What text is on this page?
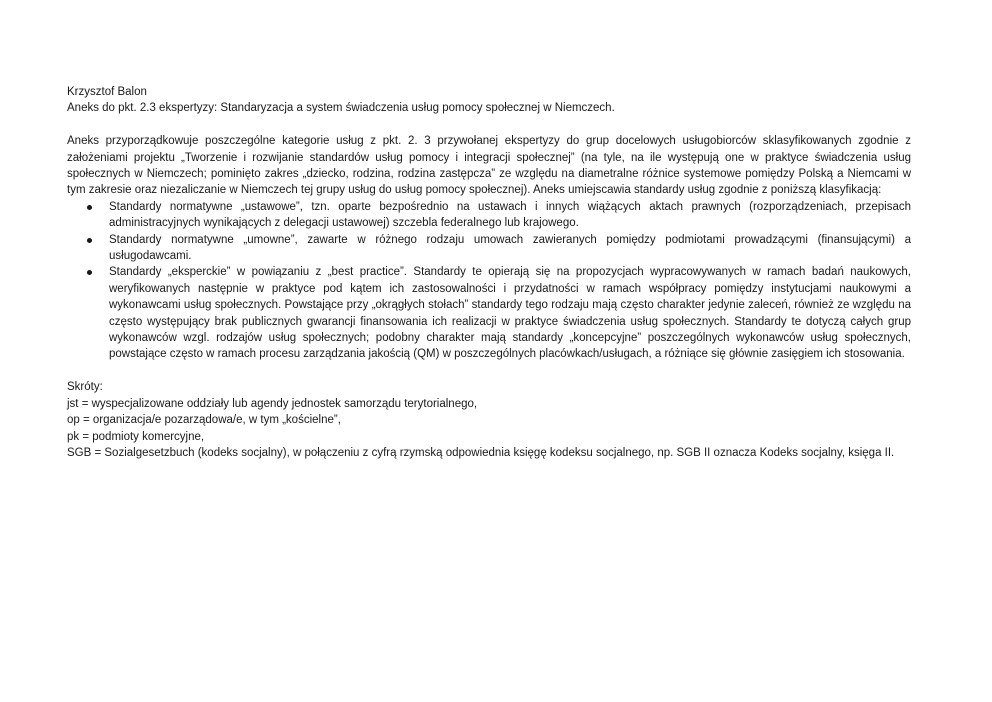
Krzysztof Balon

Aneks do pkt. 2.3 ekspertyzy: Standaryzacja a system świadczenia usług pomocy społecznej w Niemczech.

Aneks przyporządkowuje poszczególne kategorie usług z pkt. 2. 3 przywołanej ekspertyzy do grup docelowych usługobiorców sklasyfikowanych zgodnie z założeniami projektu „Tworzenie i rozwijanie standardów usług pomocy i integracji społecznej” (na tyle, na ile występują one w praktyce świadczenia usług społecznych w Niemczech; pominięto zakres „dziecko, rodzina, rodzina zastępcza” ze względu na diametralne różnice systemowe pomiędzy Polską a Niemcami w tym zakresie oraz niezaliczanie w Niemczech tej grupy usług do usług pomocy społecznej). Aneks umiejscawia standardy usług zgodnie z poniższą klasyfikacją:

Standardy normatywne „ustawowe”, tzn. oparte bezpośrednio na ustawach i innych wiążących aktach prawnych (rozporządzeniach, przepisach administracyjnych wynikających z delegacji ustawowej) szczebla federalnego lub krajowego.
Standardy normatywne „umowne”, zawarte w różnego rodzaju umowach zawieranych pomiędzy podmiotami prowadzącymi (finansującymi) a usługodawcami.
Standardy „eksperckie” w powiązaniu z „best practice”. Standardy te opierają się na propozycjach wypracowywanych w ramach badań naukowych, weryfikowanych następnie w praktyce pod kątem ich zastosowalności i przydatności w ramach współpracy pomiędzy instytucjami naukowymi a wykonawcami usług społecznych. Powstające przy „okrągłych stołach” standardy tego rodzaju mają często charakter jedynie zaleceń, również ze względu na często występujący brak publicznych gwarancji finansowania ich realizacji w praktyce świadczenia usług społecznych. Standardy te dotyczą całych grup wykonawców wzgl. rodzajów usług społecznych; podobny charakter mają standardy „koncepcyjne” poszczególnych wykonawców usług społecznych, powstające często w ramach procesu zarządzania jakością (QM) w poszczególnych placówkach/usługach, a różniące się głównie zasięgiem ich stosowania.

Skróty:

jst = wyspecjalizowane oddziały lub agendy jednostek samorządu terytorialnego,

op = organizacja/e pozarządowa/e, w tym „kościelne”,

pk = podmioty komercyjne,

SGB = Sozialgesetzbuch (kodeks socjalny), w połączeniu z cyfrą rzymską odpowiednia księgę kodeksu socjalnego, np. SGB II oznacza Kodeks socjalny, księga II.
